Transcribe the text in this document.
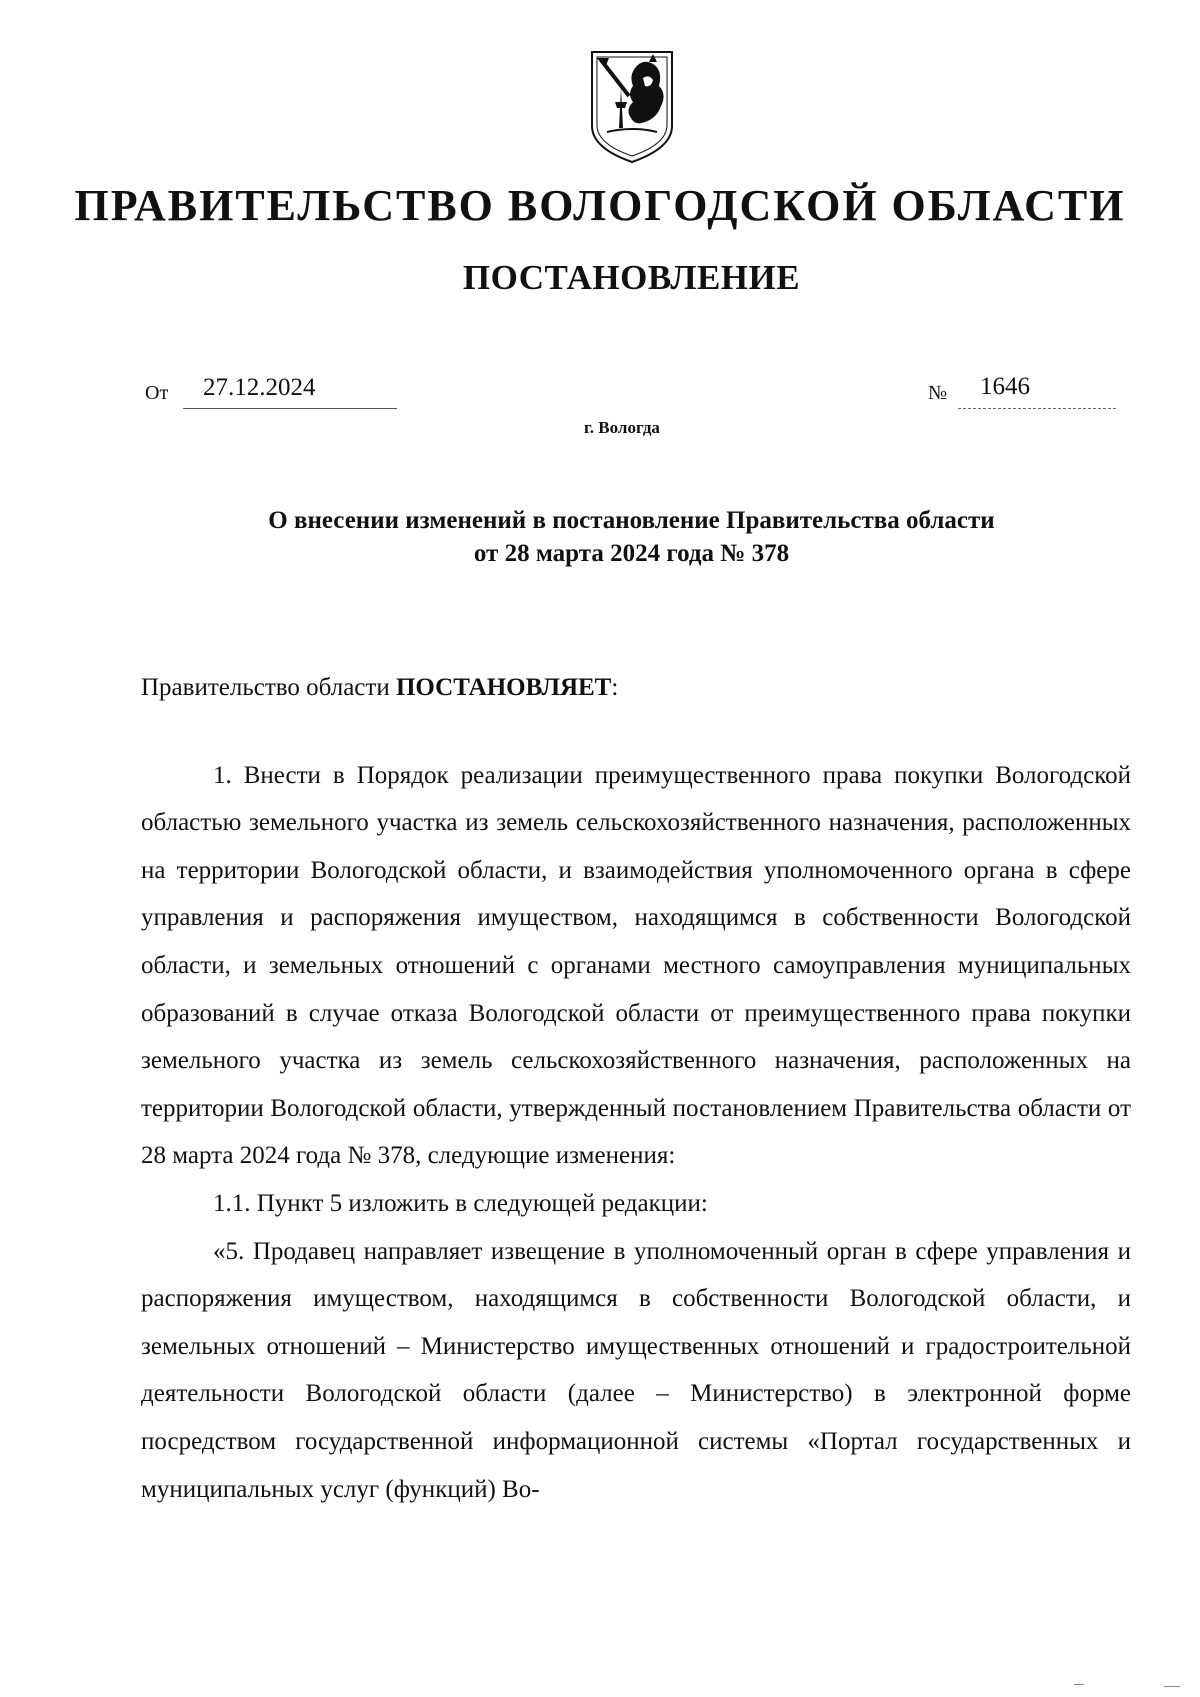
ПРАВИТЕЛЬСТВО ВОЛОГОДСКОЙ ОБЛАСТИ
ПОСТАНОВЛЕНИЕ
От 27.12.2024	№ 1646
г. Вологда
О внесении изменений в постановление Правительства области
от 28 марта 2024 года № 378

Правительство области ПОСТАНОВЛЯЕТ:

1. Внести в Порядок реализации преимущественного права покупки Вологодской областью земельного участка из земель сельскохозяйственного назначения, расположенных на территории Вологодской области, и взаимодействия уполномоченного органа в сфере управления и распоряжения имуществом, находящимся в собственности Вологодской области, и земельных отношений с органами местного самоуправления муниципальных образований в случае отказа Вологодской области от преимущественного права покупки земельного участка из земель сельскохозяйственного назначения, расположенных на территории Вологодской области, утвержденный постановлением Правительства области от 28 марта 2024 года № 378, следующие изменения:

1.1. Пункт 5 изложить в следующей редакции:

«5. Продавец направляет извещение в уполномоченный орган в сфере управления и распоряжения имуществом, находящимся в собственности Вологодской области, и земельных отношений – Министерство имущественных отношений и градостроительной деятельности Вологодской области (далее – Министерство) в электронной форме посредством государственной информационной системы «Портал государственных и муниципальных услуг (функций) Во-
